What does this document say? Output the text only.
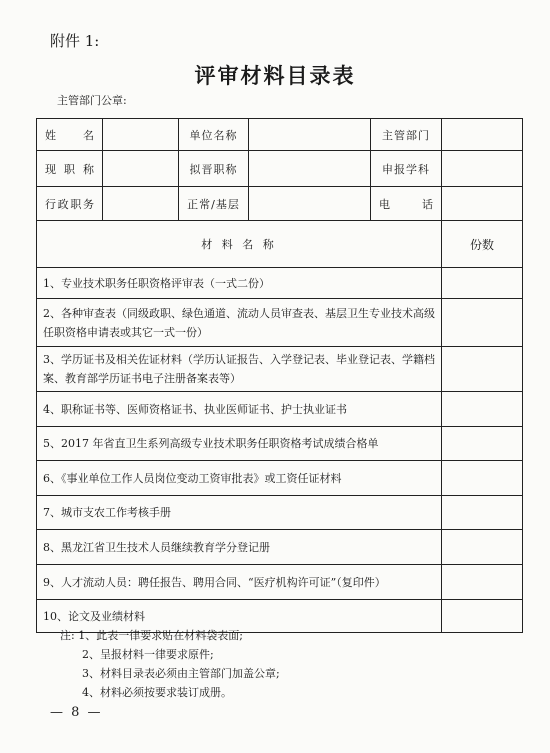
附件 1:
评审材料目录表
主管部门公章:
姓 名		单位名称		主管部门	
现 职 称		拟晋职称		申报学科	
行政职务		正常/基层		电 话	
材 料 名 称					份数
1、专业技术职务任职资格评审表（一式二份）					
2、各种审查表（同级政职、绿色通道、流动人员审查表、基层卫生专业技术高级任职资格申请表或其它一式一份）					
3、学历证书及相关佐证材料（学历认证报告、入学登记表、毕业登记表、学籍档案、教育部学历证书电子注册备案表等）					
4、职称证书等、医师资格证书、执业医师证书、护士执业证书					
5、2017 年省直卫生系列高级专业技术职务任职资格考试成绩合格单					
6、《事业单位工作人员岗位变动工资审批表》或工资任证材料					
7、城市支农工作考核手册					
8、黑龙江省卫生技术人员继续教育学分登记册					
9、人才流动人员：聘任报告、聘用合同、“医疗机构许可证”（复印件）					
10、论文及业绩材料					
注: 1、此表一律要求贴在材料袋表面;
2、呈报材料一律要求原件;
3、材料目录表必须由主管部门加盖公章;
4、材料必须按要求装订成册。
— 8 —
